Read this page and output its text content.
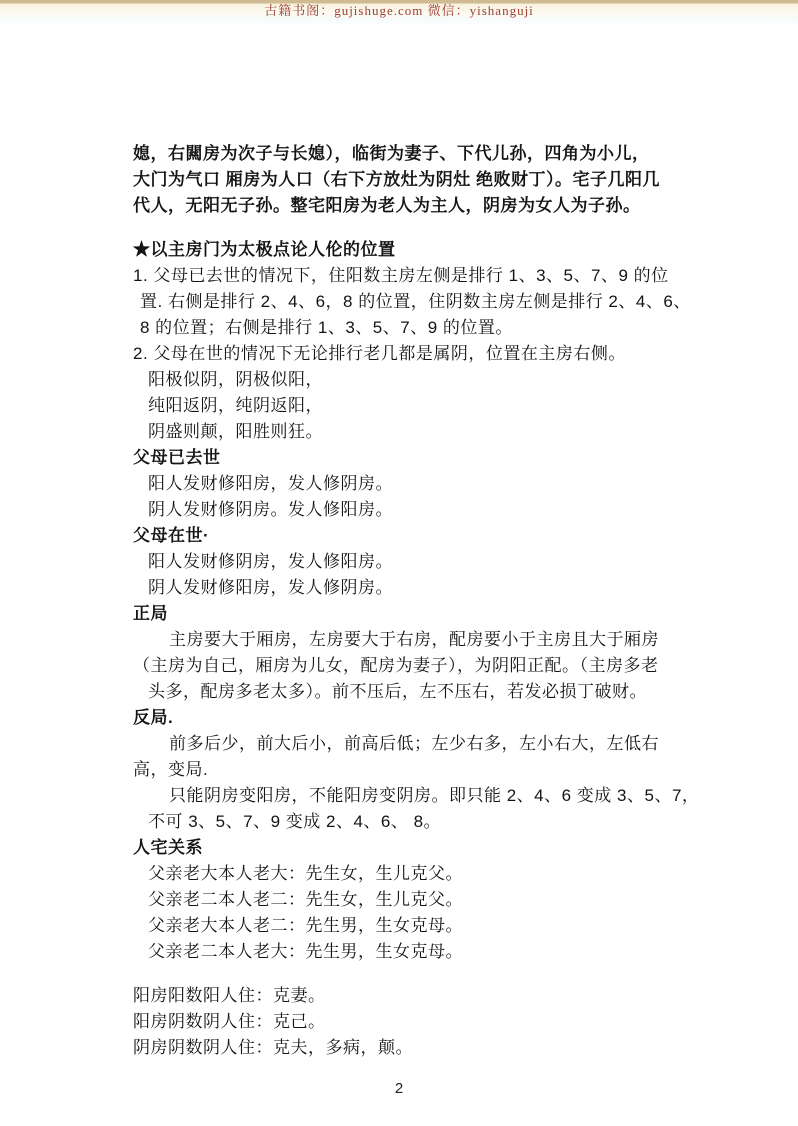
古籍书阁：gujishuge.com 微信：yishanguji
媳，右闗房为次子与长媳），临街为妻子、下代儿孙，四角为小儿，
大门为气口 厢房为人口（右下方放灶为阴灶 绝败财丁）。宅子几阳几
代人，无阳无子孙。整宅阳房为老人为主人，阴房为女人为子孙。
★以主房门为太极点论人伦的位置
1. 父母已去世的情况下，住阳数主房左侧是排行 1、3、5、7、9 的位
置. 右侧是排行 2、4、6，8 的位置，住阴数主房左侧是排行 2、4、6、
8 的位置；右侧是排行 1、3、5、7、9 的位置。
2. 父母在世的情况下无论排行老几都是属阴，位置在主房右侧。
阳极似阴，阴极似阳，
纯阳返阴，纯阴返阳，
阴盛则颠，阳胜则狂。
父母已去世
阳人发财修阳房，发人修阴房。
阴人发财修阴房。发人修阳房。
父母在世·
阳人发财修阴房，发人修阳房。
阴人发财修阳房，发人修阴房。
正局
主房要大于厢房，左房要大于右房，配房要小于主房且大于厢房
（主房为自己，厢房为儿女，配房为妻子），为阴阳正配。（主房多老
头多，配房多老太多）。前不压后，左不压右，若发必损丁破财。
反局.
前多后少，前大后小，前高后低；左少右多，左小右大，左低右
高，变局.
只能阴房变阳房，不能阳房变阴房。即只能 2、4、6 变成 3、5、7，
不可 3、5、7、9 变成 2、4、6、 8。
人宅关系
父亲老大本人老大：先生女，生儿克父。
父亲老二本人老二：先生女，生儿克父。
父亲老大本人老二：先生男，生女克母。
父亲老二本人老大：先生男，生女克母。
阳房阳数阳人住：克妻。
阳房阴数阴人住：克己。
阴房阴数阴人住：克夫，多病，颠。
2
